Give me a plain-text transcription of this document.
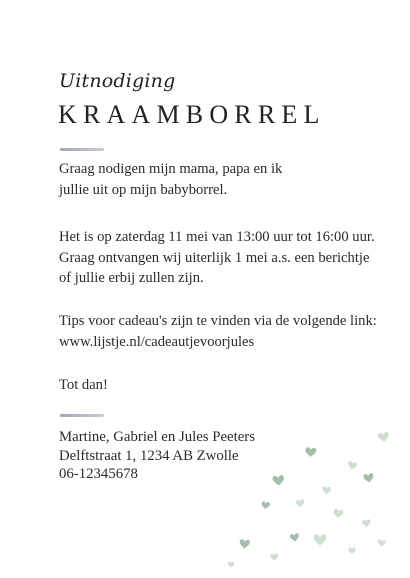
Uitnodiging
KRAAMBORREL
Graag nodigen mijn mama, papa en ik
jullie uit op mijn babyborrel.
Het is op zaterdag 11 mei van 13:00 uur tot 16:00 uur.
Graag ontvangen wij uiterlijk 1 mei a.s. een berichtje
of jullie erbij zullen zijn.
Tips voor cadeau's zijn te vinden via de volgende link:
www.lijstje.nl/cadeautjevoorjules
Tot dan!
Martine, Gabriel en Jules Peeters
Delftstraat 1, 1234 AB Zwolle
06-12345678
